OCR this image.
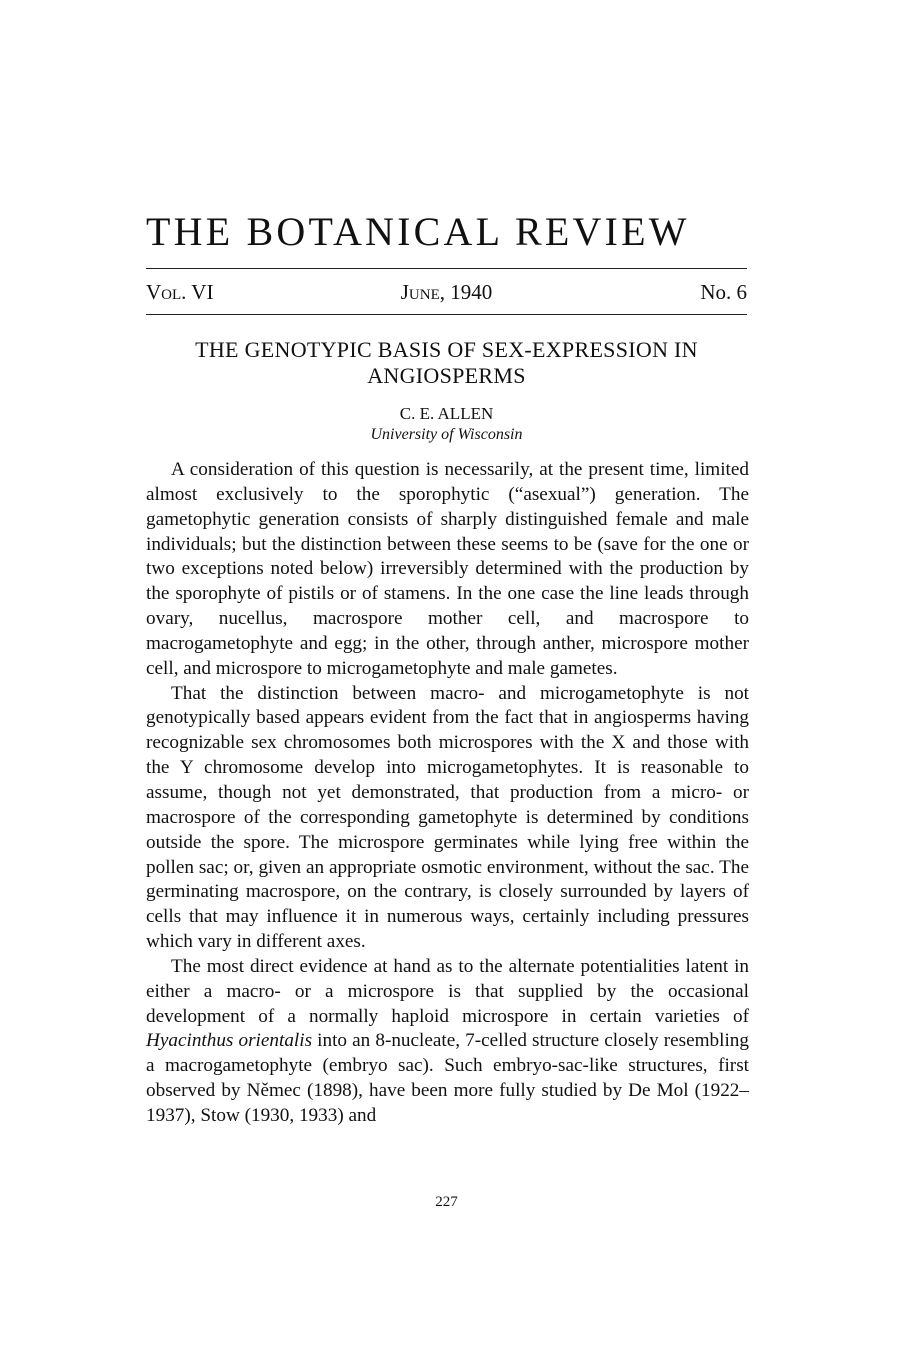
THE BOTANICAL REVIEW
Vol. VI	June, 1940	No. 6
THE GENOTYPIC BASIS OF SEX-EXPRESSION IN ANGIOSPERMS
C. E. ALLEN
University of Wisconsin

A consideration of this question is necessarily, at the present time, limited almost exclusively to the sporophytic (“asexual”) generation. The gametophytic generation consists of sharply distinguished female and male individuals; but the distinction between these seems to be (save for the one or two exceptions noted below) irreversibly determined with the production by the sporophyte of pistils or of stamens. In the one case the line leads through ovary, nucellus, macrospore mother cell, and macrospore to macrogametophyte and egg; in the other, through anther, microspore mother cell, and microspore to microgametophyte and male gametes.

That the distinction between macro- and microgametophyte is not genotypically based appears evident from the fact that in angiosperms having recognizable sex chromosomes both microspores with the X and those with the Y chromosome develop into microgametophytes. It is reasonable to assume, though not yet demonstrated, that production from a micro- or macrospore of the corresponding gametophyte is determined by conditions outside the spore. The microspore germinates while lying free within the pollen sac; or, given an appropriate osmotic environment, without the sac. The germinating macrospore, on the contrary, is closely surrounded by layers of cells that may influence it in numerous ways, certainly including pressures which vary in different axes.

The most direct evidence at hand as to the alternate potentialities latent in either a macro- or a microspore is that supplied by the occasional development of a normally haploid microspore in certain varieties of Hyacinthus orientalis into an 8-nucleate, 7-celled structure closely resembling a macrogametophyte (embryo sac). Such embryo-sac-like structures, first observed by Němec (1898), have been more fully studied by De Mol (1922–1937), Stow (1930, 1933) and

227
